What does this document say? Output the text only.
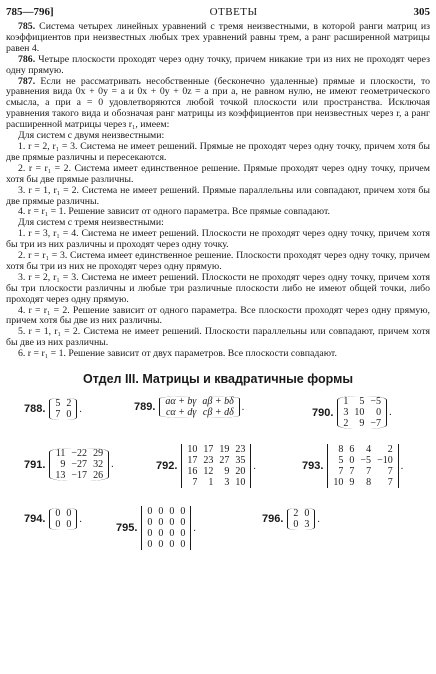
785—796]	ОТВЕТЫ	305

785. Система четырех линейных уравнений с тремя неизвестными, в которой ранги матриц из коэффициентов при неизвестных любых трех уравнений равны трем, а ранг расширенной матрицы равен 4.

786. Четыре плоскости проходят через одну точку, причем никакие три из них не проходят через одну прямую.

787. Если не рассматривать несобственные (бесконечно удаленные) прямые и плоскости, то уравнения вида 0x + 0y = a и 0x + 0y + 0z = a при a, не равном нулю, не имеют геометрического смысла, а при a = 0 удовлетворяются любой точкой плоскости или пространства. Исключая уравнения такого вида и обозначая ранг матрицы из коэффициентов при неизвестных через r, а ранг расширенной матрицы через r₁, имеем:

Для систем с двумя неизвестными:

1. r = 2, r₁ = 3. Система не имеет решений. Прямые не проходят через одну точку, причем хотя бы две прямые различны и пересекаются.

2. r = r₁ = 2. Система имеет единственное решение. Прямые проходят через одну точку, причем хотя бы две прямые различны.

3. r = 1, r₁ = 2. Система не имеет решений. Прямые параллельны или совпадают, причем хотя бы две прямые различны.

4. r = r₁ = 1. Решение зависит от одного параметра. Все прямые совпадают.

Для систем с тремя неизвестными:

1. r = 3, r₁ = 4. Система не имеет решений. Плоскости не проходят через одну точку, причем хотя бы три из них различны и проходят через одну точку.

2. r = r₁ = 3. Система имеет единственное решение. Плоскости проходят через одну точку, причем хотя бы три из них не проходят через одну прямую.

3. r = 2, r₁ = 3. Система не имеет решений. Плоскости не проходят через одну точку, причем хотя бы три плоскости различны и любые три различные плоскости либо не имеют общей точки, либо проходят через одну прямую.

4. r = r₁ = 2. Решение зависит от одного параметра. Все плоскости проходят через одну прямую, причем хотя бы две из них различны.

5. r = 1, r₁ = 2. Система не имеет решений. Плоскости параллельны или совпадают, причем хотя бы две из них различны.

6. r = r₁ = 1. Решение зависит от двух параметров. Все плоскости совпадают.

Отдел III. Матрицы и квадратичные формы
788. 5	2
7	0 .	789. aα + bγ	aβ + bδ
cα + dγ	cβ + dδ .	790.
1	5	−5
3	10	0
2	9	−7
.
791.
11	−22	29
9	−27	32
13	−17	26
.	792.
10	17	19	23
17	23	27	35
16	12	9	20
7	1	3	10
.	793.
8	6	4	2
5	0	−5	−10
7	7	7	7
10	9	8	7
.
794. 0	0
0	0 .
795.
0	0	0	0
0	0	0	0
0	0	0	0
0	0	0	0
.
796. 2	0
0	3 .
